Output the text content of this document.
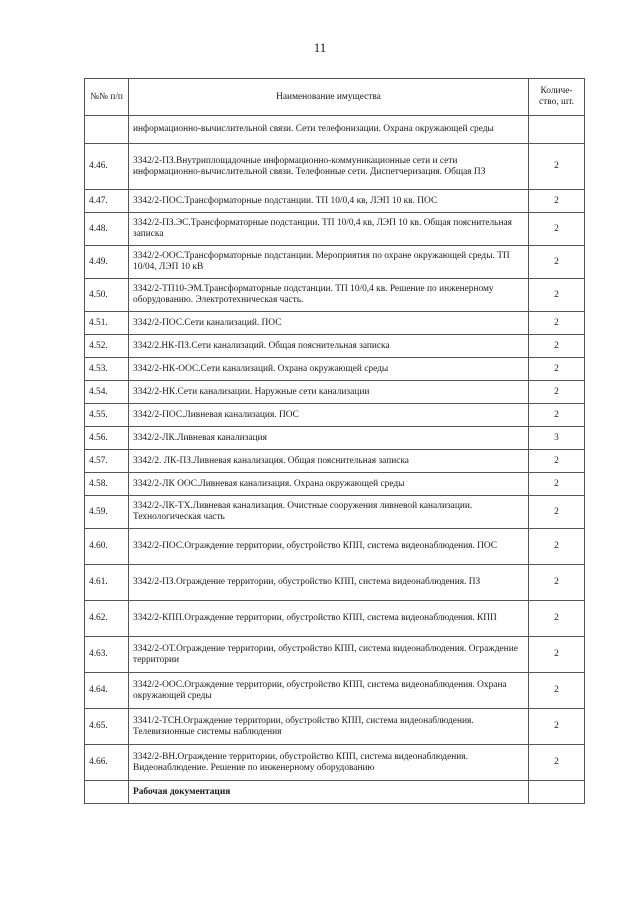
11
№№ п/п	Наименование имущества	Количе-ство, шт.
	информационно-вычислительной связи. Сети телефонизации. Охрана окружающей среды	
4.46.	3342/2-ПЗ.Внутриплощадочные информационно-коммуникационные сети и сети информационно-вычислительной связи. Телефонные сети. Диспетчеризация. Общая ПЗ	2
4.47.	3342/2-ПОС.Трансформаторные подстанции. ТП 10/0,4 кв, ЛЭП 10 кв. ПОС	2
4.48.	3342/2-ПЗ.ЭС.Трансформаторные подстанции. ТП 10/0,4 кв, ЛЭП 10 кв. Общая пояснительная записка	2
4.49.	3342/2-ООС.Трансформаторные подстанции. Мероприятия по охране окружающей среды. ТП 10/04, ЛЭП 10 кВ	2
4.50.	3342/2-ТП10-ЭМ.Трансформаторные подстанции. ТП 10/0,4 кв. Решение по инженерному оборудованию. Электротехническая часть.	2
4.51.	3342/2-ПОС.Сети канализаций. ПОС	2
4.52.	3342/2.НК-ПЗ.Сети канализаций. Общая пояснительная записка	2
4.53.	3342/2-НК-ООС.Сети канализаций. Охрана окружающей среды	2
4.54.	3342/2-НК.Сети канализации. Наружные сети канализации	2
4.55.	3342/2-ПОС.Ливневая канализация. ПОС	2
4.56.	3342/2-ЛК.Ливневая канализация	3
4.57.	3342/2. ЛК-ПЗ.Ливневая канализация. Общая пояснительная записка	2
4.58.	3342/2-ЛК ООС.Ливневая канализация. Охрана окружающей среды	2
4.59.	3342/2-ЛК-ТХ.Ливневая канализация. Очистные сооружения ливневой канализации. Технологическая часть	2
4.60.	3342/2-ПОС.Ограждение территории, обустройство КПП, система видеонаблюдения. ПОС	2
4.61.	3342/2-ПЗ.Ограждение территории, обустройство КПП, система видеонаблюдения. ПЗ	2
4.62.	3342/2-КПП.Ограждение территории, обустройство КПП, система видеонаблюдения. КПП	2
4.63.	3342/2-ОТ.Ограждение территории, обустройство КПП, система видеонаблюдения. Ограждение территории	2
4.64.	3342/2-ООС.Ограждение территории, обустройство КПП, система видеонаблюдения. Охрана окружающей среды	2
4.65.	3341/2-ТСН.Ограждение территории, обустройство КПП, система видеонаблюдения. Телевизионные системы наблюдения	2
4.66.	3342/2-ВН.Ограждение территории, обустройство КПП, система видеонаблюдения. Видеонаблюдение. Решение по инженерному оборудованию	2
	Рабочая документация	
